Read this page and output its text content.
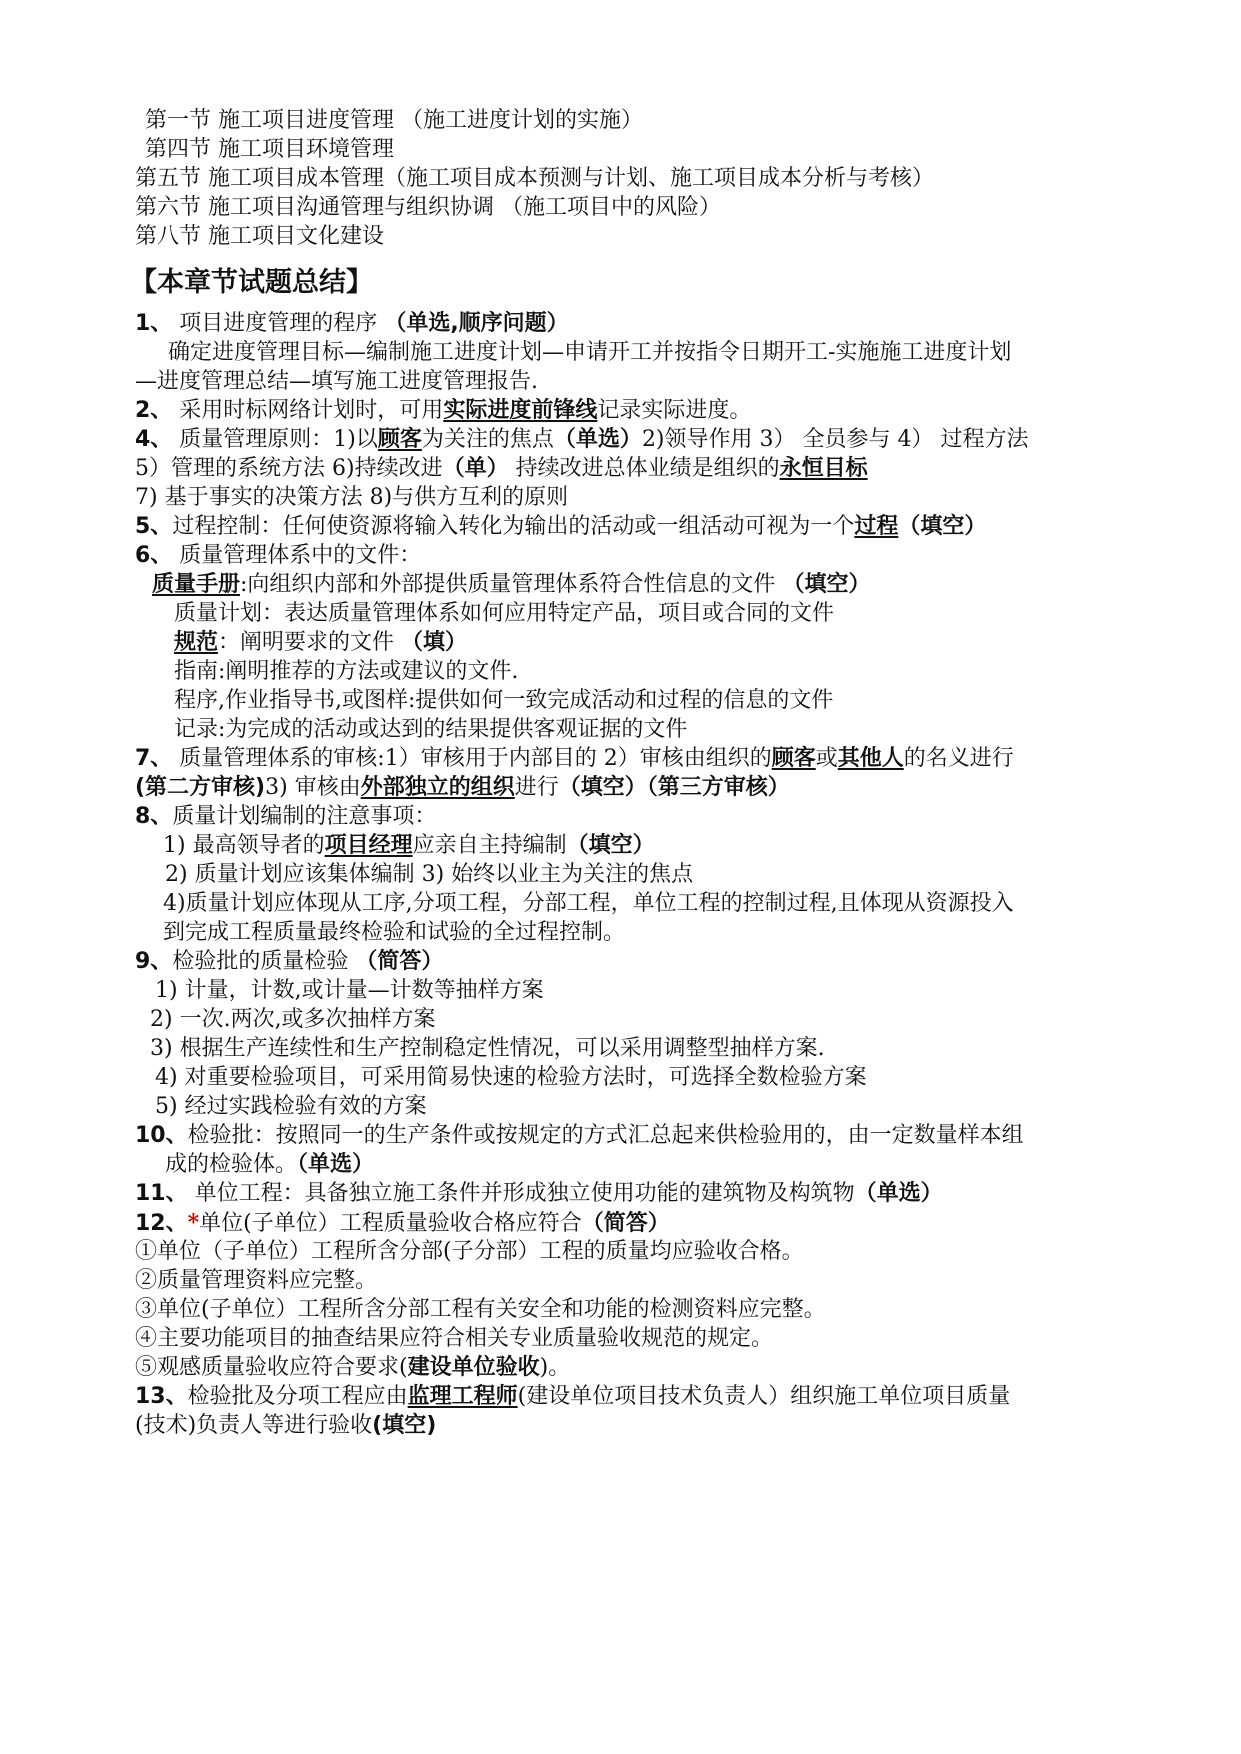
第一节 施工项目进度管理 （施工进度计划的实施）
第四节 施工项目环境管理
第五节 施工项目成本管理（施工项目成本预测与计划、施工项目成本分析与考核）
第六节 施工项目沟通管理与组织协调 （施工项目中的风险）
第八节 施工项目文化建设
【本章节试题总结】
1、 项目进度管理的程序 （单选,顺序问题）
确定进度管理目标—编制施工进度计划—申请开工并按指令日期开工-实施施工进度计划
—进度管理总结—填写施工进度管理报告.
2、 采用时标网络计划时，可用实际进度前锋线记录实际进度。
4、 质量管理原则：1)以顾客为关注的焦点（单选）2)领导作用 3） 全员参与 4） 过程方法
5）管理的系统方法 6)持续改进（单） 持续改进总体业绩是组织的永恒目标
7) 基于事实的决策方法 8)与供方互利的原则
5、过程控制：任何使资源将输入转化为输出的活动或一组活动可视为一个过程（填空）
6、 质量管理体系中的文件：
质量手册:向组织内部和外部提供质量管理体系符合性信息的文件 （填空）
质量计划：表达质量管理体系如何应用特定产品，项目或合同的文件
规范：阐明要求的文件 （填）
指南:阐明推荐的方法或建议的文件.
程序,作业指导书,或图样:提供如何一致完成活动和过程的信息的文件
记录:为完成的活动或达到的结果提供客观证据的文件
7、 质量管理体系的审核:1）审核用于内部目的 2）审核由组织的顾客或其他人的名义进行
(第二方审核)3) 审核由外部独立的组织进行（填空）（第三方审核）
8、质量计划编制的注意事项：
1) 最高领导者的项目经理应亲自主持编制（填空）
2) 质量计划应该集体编制 3) 始终以业主为关注的焦点
4)质量计划应体现从工序,分项工程，分部工程，单位工程的控制过程,且体现从资源投入
到完成工程质量最终检验和试验的全过程控制。
9、检验批的质量检验 （简答）
1) 计量，计数,或计量—计数等抽样方案
2) 一次.两次,或多次抽样方案
3) 根据生产连续性和生产控制稳定性情况，可以采用调整型抽样方案.
4) 对重要检验项目，可采用简易快速的检验方法时，可选择全数检验方案
5) 经过实践检验有效的方案
10、检验批：按照同一的生产条件或按规定的方式汇总起来供检验用的，由一定数量样本组
成的检验体。（单选）
11、 单位工程：具备独立施工条件并形成独立使用功能的建筑物及构筑物（单选）
12、*单位(子单位）工程质量验收合格应符合（简答）
①单位（子单位）工程所含分部(子分部）工程的质量均应验收合格。
②质量管理资料应完整。
③单位(子单位）工程所含分部工程有关安全和功能的检测资料应完整。
④主要功能项目的抽查结果应符合相关专业质量验收规范的规定。
⑤观感质量验收应符合要求(建设单位验收)。
13、检验批及分项工程应由监理工程师(建设单位项目技术负责人）组织施工单位项目质量
(技术)负责人等进行验收(填空)
